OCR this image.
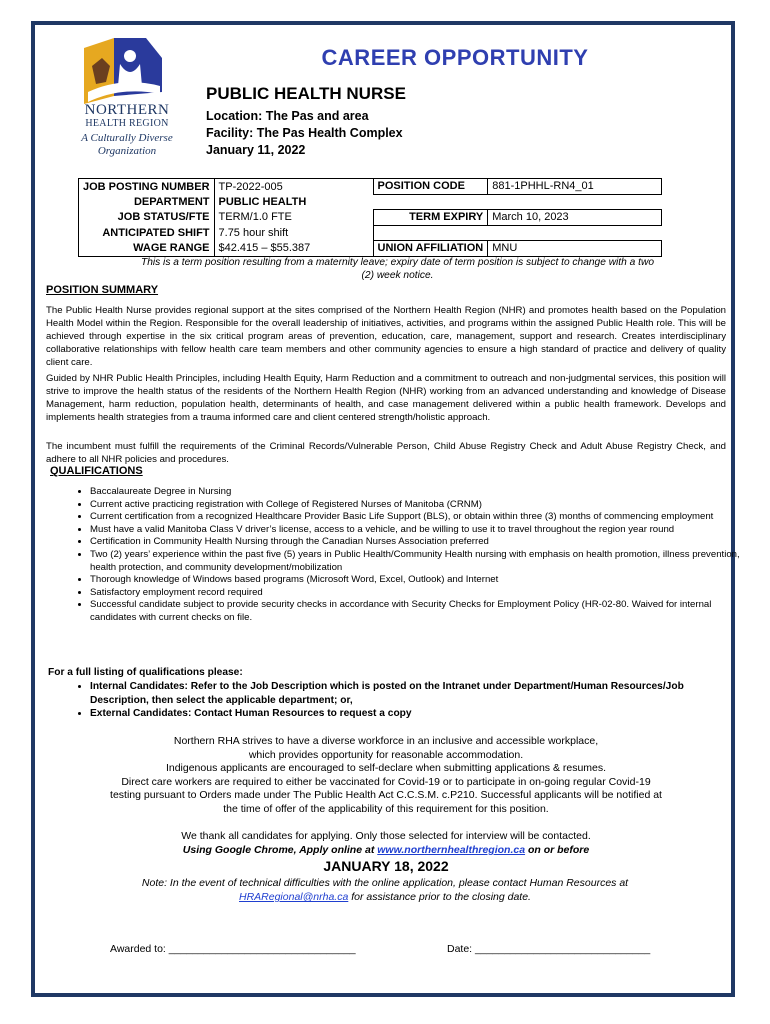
NORTHERN
HEALTH REGION
A Culturally Diverse
Organization
CAREER OPPORTUNITY
PUBLIC HEALTH NURSE
Location: The Pas and area
Facility: The Pas Health Complex
January 11, 2022
JOB POSTING NUMBER	TP-2022-005	POSITION CODE	881-1PHHL-RN4_01
DEPARTMENT	PUBLIC HEALTH		
JOB STATUS/FTE	TERM/1.0 FTE	TERM EXPIRY	March 10, 2023
ANTICIPATED SHIFT	7.75 hour shift		
WAGE RANGE	$42.415 – $55.387	UNION AFFILIATION	MNU
This is a term position resulting from a maternity leave; expiry date of term position is subject to change with a two
(2) week notice.
POSITION SUMMARY
The Public Health Nurse provides regional support at the sites comprised of the Northern Health Region (NHR) and promotes health based on the Population Health Model within the Region. Responsible for the overall leadership of initiatives, activities, and programs within the assigned Public Health role. This will be achieved through expertise in the six critical program areas of prevention, education, care, management, support and research. Creates interdisciplinary collaborative relationships with fellow health care team members and other community agencies to ensure a high standard of practice and delivery of quality client care.
Guided by NHR Public Health Principles, including Health Equity, Harm Reduction and a commitment to outreach and non-judgmental services, this position will strive to improve the health status of the residents of the Northern Health Region (NHR) working from an advanced understanding and knowledge of Disease Management, harm reduction, population health, determinants of health, and case management delivered within a public health framework. Develops and implements health strategies from a trauma informed care and client centered strength/holistic approach.
The incumbent must fulfill the requirements of the Criminal Records/Vulnerable Person, Child Abuse Registry Check and Adult Abuse Registry Check, and adhere to all NHR policies and procedures.
QUALIFICATIONS
• Baccalaureate Degree in Nursing
• Current active practicing registration with College of Registered Nurses of Manitoba (CRNM)
• Current certification from a recognized Healthcare Provider Basic Life Support (BLS), or obtain within three (3) months of commencing employment
• Must have a valid Manitoba Class V driver’s license, access to a vehicle, and be willing to use it to travel throughout the region year round
• Certification in Community Health Nursing through the Canadian Nurses Association preferred
• Two (2) years’ experience within the past five (5) years in Public Health/Community Health nursing with emphasis on health promotion, illness prevention, health protection, and community development/mobilization
• Thorough knowledge of Windows based programs (Microsoft Word, Excel, Outlook) and Internet
• Satisfactory employment record required
• Successful candidate subject to provide security checks in accordance with Security Checks for Employment Policy (HR-02-80. Waived for internal candidates with current checks on file.
For a full listing of qualifications please:
• Internal Candidates: Refer to the Job Description which is posted on the Intranet under Department/Human Resources/Job Description, then select the applicable department; or,
• External Candidates: Contact Human Resources to request a copy
Northern RHA strives to have a diverse workforce in an inclusive and accessible workplace,
which provides opportunity for reasonable accommodation.
Indigenous applicants are encouraged to self-declare when submitting applications & resumes.
Direct care workers are required to either be vaccinated for Covid-19 or to participate in on-going regular Covid-19
testing pursuant to Orders made under The Public Health Act C.C.S.M. c.P210. Successful applicants will be notified at
the time of offer of the applicability of this requirement for this position.
We thank all candidates for applying. Only those selected for interview will be contacted.
Using Google Chrome, Apply online at www.northernhealthregion.ca on or before
JANUARY 18, 2022
Note: In the event of technical difficulties with the online application, please contact Human Resources at
HRARegional@nrha.ca for assistance prior to the closing date.
Awarded to: ________________________________	Date: ______________________________
